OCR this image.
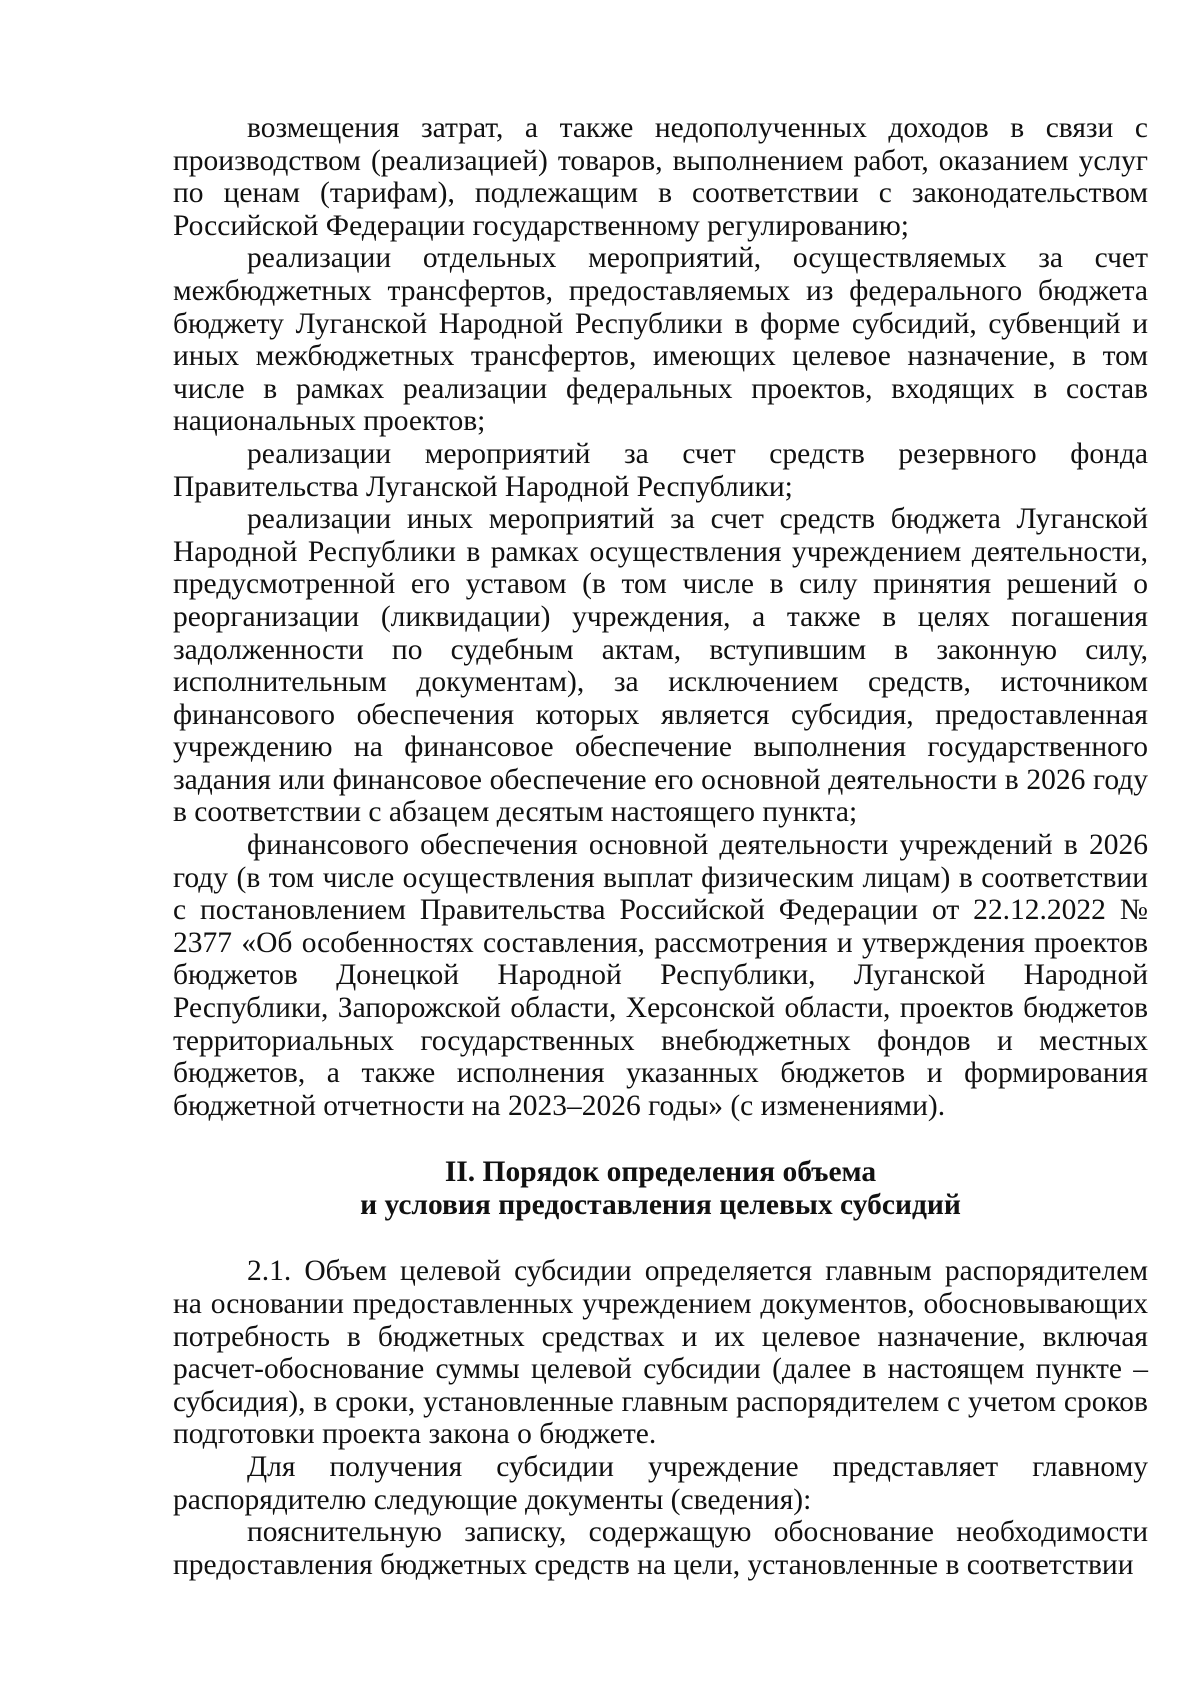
возмещения затрат, а также недополученных доходов в связи с производством (реализацией) товаров, выполнением работ, оказанием услуг по ценам (тарифам), подлежащим в соответствии с законодательством Российской Федерации государственному регулированию;

реализации отдельных мероприятий, осуществляемых за счет межбюджетных трансфертов, предоставляемых из федерального бюджета бюджету Луганской Народной Республики в форме субсидий, субвенций и иных межбюджетных трансфертов, имеющих целевое назначение, в том числе в рамках реализации федеральных проектов, входящих в состав национальных проектов;

реализации мероприятий за счет средств резервного фонда Правительства Луганской Народной Республики;

реализации иных мероприятий за счет средств бюджета Луганской Народной Республики в рамках осуществления учреждением деятельности, предусмотренной его уставом (в том числе в силу принятия решений о реорганизации (ликвидации) учреждения, а также в целях погашения задолженности по судебным актам, вступившим в законную силу, исполнительным документам), за исключением средств, источником финансового обеспечения которых является субсидия, предоставленная учреждению на финансовое обеспечение выполнения государственного задания или финансовое обеспечение его основной деятельности в 2026 году в соответствии с абзацем десятым настоящего пункта;

финансового обеспечения основной деятельности учреждений в 2026 году (в том числе осуществления выплат физическим лицам) в соответствии с постановлением Правительства Российской Федерации от 22.12.2022 № 2377 «Об особенностях составления, рассмотрения и утверждения проектов бюджетов Донецкой Народной Республики, Луганской Народной Республики, Запорожской области, Херсонской области, проектов бюджетов территориальных государственных внебюджетных фондов и местных бюджетов, а также исполнения указанных бюджетов и формирования бюджетной отчетности на 2023–2026 годы» (с изменениями).

II. Порядок определения объема

и условия предоставления целевых субсидий

2.1. Объем целевой субсидии определяется главным распорядителем на основании предоставленных учреждением документов, обосновывающих потребность в бюджетных средствах и их целевое назначение, включая расчет-обоснование суммы целевой субсидии (далее в настоящем пункте – субсидия), в сроки, установленные главным распорядителем с учетом сроков подготовки проекта закона о бюджете.

Для получения субсидии учреждение представляет главному распорядителю следующие документы (сведения):

пояснительную записку, содержащую обоснование необходимости предоставления бюджетных средств на цели, установленные в соответствии
